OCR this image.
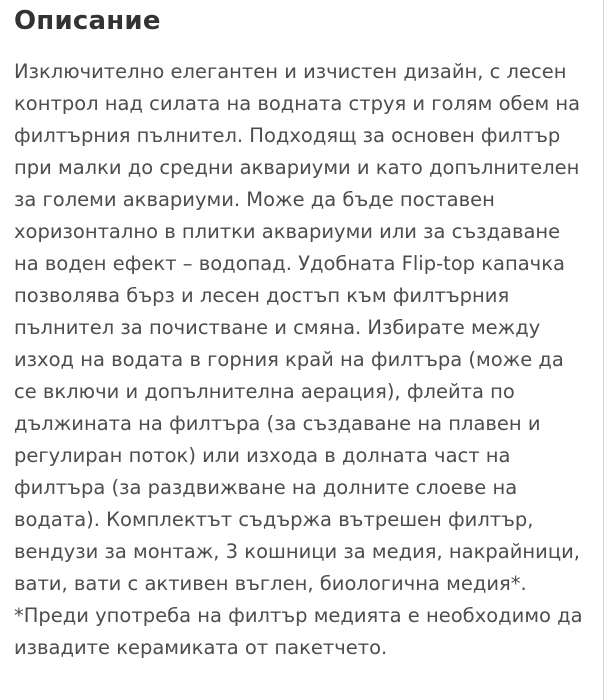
Описание

Изключително елегантен и изчистен дизайн, с лесен контрол над силата на водната струя и голям обем на филтърния пълнител. Подходящ за основен филтър при малки до средни аквариуми и като допълнителен за големи аквариуми. Може да бъде поставен хоризонтално в плитки аквариуми или за създаване на воден ефект – водопад. Удобната Flip-top капачка позволява бърз и лесен достъп към филтърния пълнител за почистване и смяна. Избирате между изход на водата в горния край на филтъра (може да се включи и допълнителна аерация), флейта по дължината на филтъра (за създаване на плавен и регулиран поток) или изхода в долната част на филтъра (за раздвижване на долните слоеве на водата). Комплектът съдържа вътрешен филтър, вендузи за монтаж, 3 кошници за медия, накрайници, вати, вати с активен въглен, биологична медия*. *Преди употреба на филтър медията е необходимо да извадите керамиката от пакетчето.
